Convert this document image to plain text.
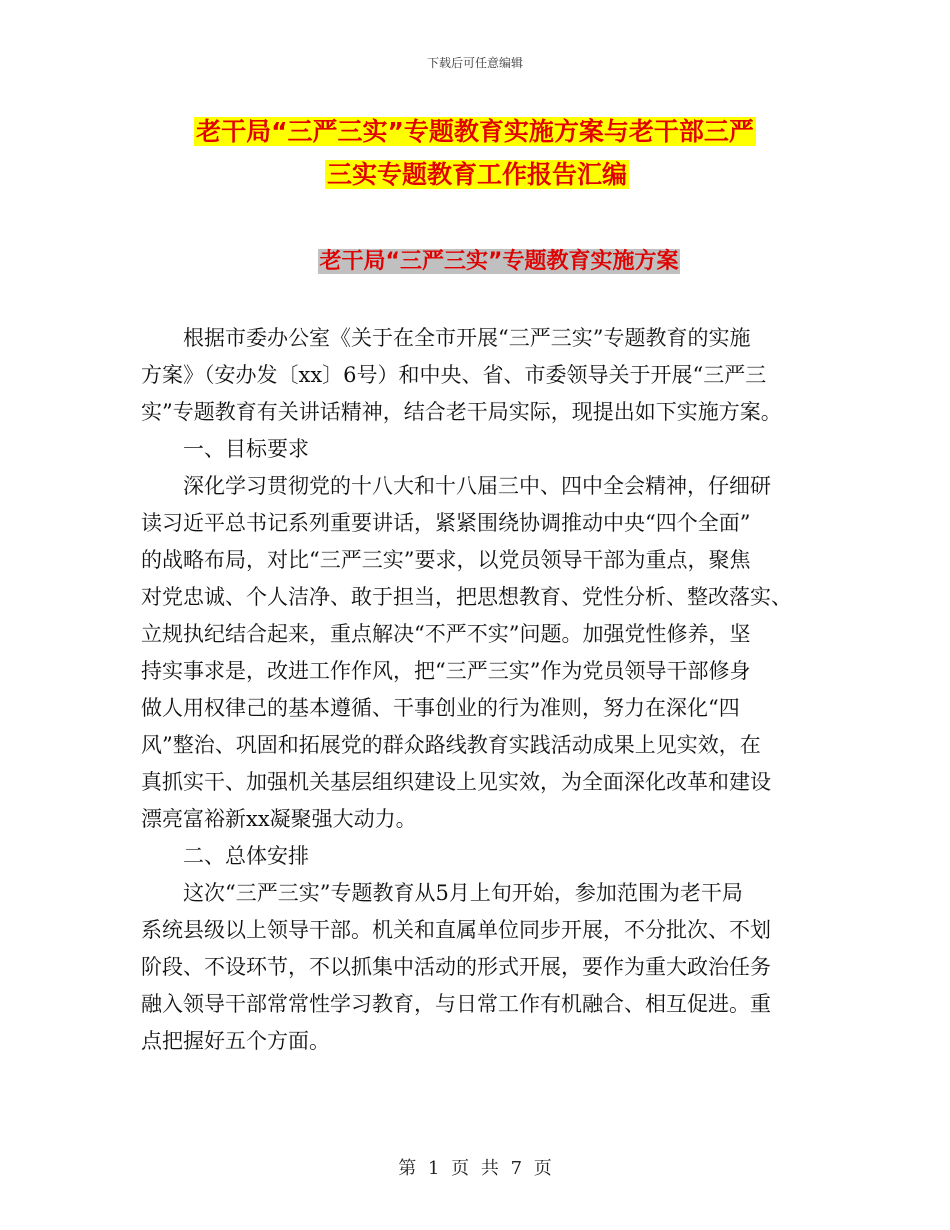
下载后可任意编辑
老干局“三严三实”专题教育实施方案与老干部三严
三实专题教育工作报告汇编
老干局“三严三实”专题教育实施方案
根据市委办公室《关于在全市开展“三严三实”专题教育的实施
方案》（安办发〔xx〕6号）和中央、省、市委领导关于开展“三严三
实”专题教育有关讲话精神，结合老干局实际，现提出如下实施方案。
一、目标要求
深化学习贯彻党的十八大和十八届三中、四中全会精神，仔细研
读习近平总书记系列重要讲话，紧紧围绕协调推动中央“四个全面”
的战略布局，对比“三严三实”要求，以党员领导干部为重点，聚焦
对党忠诚、个人洁净、敢于担当，把思想教育、党性分析、整改落实、
立规执纪结合起来，重点解决“不严不实”问题。加强党性修养，坚
持实事求是，改进工作作风，把“三严三实”作为党员领导干部修身
做人用权律己的基本遵循、干事创业的行为准则，努力在深化“四
风”整治、巩固和拓展党的群众路线教育实践活动成果上见实效，在
真抓实干、加强机关基层组织建设上见实效，为全面深化改革和建设
漂亮富裕新xx凝聚强大动力。
二、总体安排
这次“三严三实”专题教育从5月上旬开始，参加范围为老干局
系统县级以上领导干部。机关和直属单位同步开展，不分批次、不划
阶段、不设环节，不以抓集中活动的形式开展，要作为重大政治任务
融入领导干部常常性学习教育，与日常工作有机融合、相互促进。重
点把握好五个方面。
第 1 页 共 7 页
